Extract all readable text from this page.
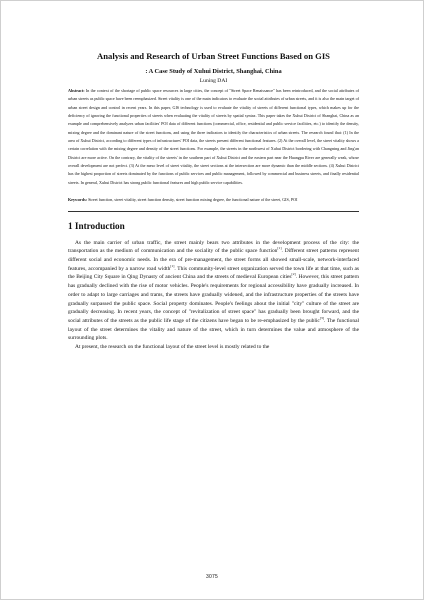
Analysis and Research of Urban Street Functions Based on GIS
: A Case Study of Xuhui District, Shanghai, China
Luning DAI

Abstract: In the context of the shortage of public space resources in large cities, the concept of "Street Space Renaissance" has been reintroduced, and the social attributes of urban streets as public space have been reemphasized. Street vitality is one of the main indicators to evaluate the social attributes of urban streets, and it is also the main target of urban street design and control in recent years. In this paper, GIS technology is used to evaluate the vitality of streets of different functional types, which makes up for the deficiency of ignoring the functional properties of streets when evaluating the vitality of streets by spatial syntax. This paper takes the Xuhui District of Shanghai, China as an example and comprehensively analyzes urban facilities' POI data of different functions (commercial, office, residential and public service facilities, etc.) to identify the density, mixing degree and the dominant nature of the street functions, and using the three indicators to identify the characteristics of urban streets. The research found that: (1) In the area of Xuhui District, according to different types of infrastructures' POI data, the streets present different functional features. (2) At the overall level, the street vitality shows a certain correlation with the mixing degree and density of the street functions. For example, the streets in the northwest of Xuhui District bordering with Changning and Jing'an District are more active. On the contrary, the vitality of the streets' in the southern part of Xuhui District and the eastern part near the Huangpu River are generally weak, whose overall development are not perfect. (3) At the meso level of street vitality, the street sections at the intersection are more dynamic than the middle sections. (4) Xuhui District has the highest proportion of streets dominated by the functions of public services and public management, followed by commercial and business streets, and finally residential streets. In general, Xuhui District has strong public functional features and high public service capabilities.

Keywords: Street function, street vitality, street function density, street function mixing degree, the functional nature of the street, GIS, POI

1 Introduction

As the main carrier of urban traffic, the street mainly bears two attributes in the development process of the city: the transportation as the medium of communication and the sociality of the public space function[1]. Different street patterns represent different social and economic needs. In the era of pre-management, the street forms all showed small-scale, network-interfaced features, accompanied by a narrow road width[1]. This community-level street organization served the town life at that time, such as the Beijing City Square in Qing Dynasty of ancient China and the streets of medieval European cities[2]. However, this street pattern has gradually declined with the rise of motor vehicles. People's requirements for regional accessibility have gradually increased. In order to adapt to large carriages and trams, the streets have gradually widened, and the infrastructure properties of the streets have gradually surpassed the public space. Social property dominates. People's feelings about the initial "city" culture of the street are gradually decreasing. In recent years, the concept of "revitalization of street space" has gradually been brought forward, and the social attributes of the streets as the public life stage of the citizens have began to be re-emphasized by the public[3]. The functional layout of the street determines the vitality and nature of the street, which in turn determines the value and atmosphere of the surrounding plots.

At present, the research on the functional layout of the street level is mostly related to the

3075
